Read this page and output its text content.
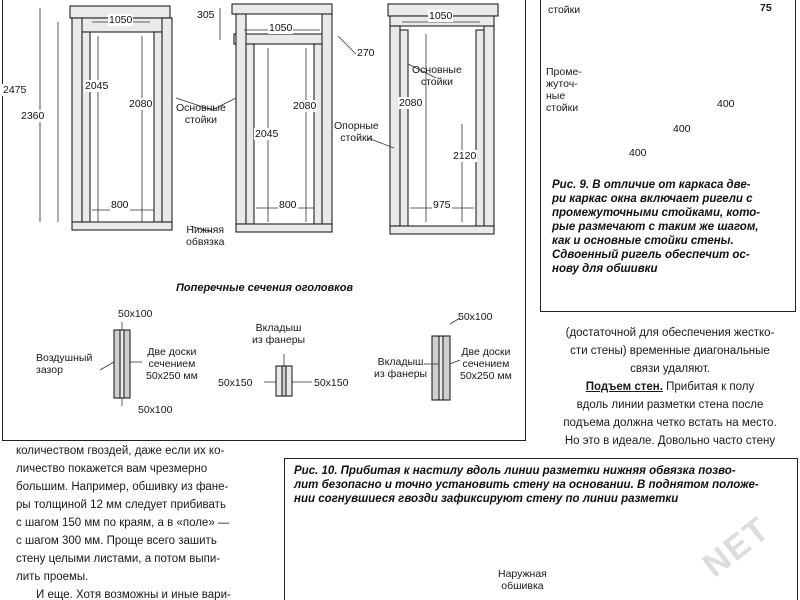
1050
2475
2360
2045
2080
800
305
1050
2045
2080
800
270
1050
2080
2120
975
Основные
стойки
Нижняя
обвязка
Опорные
стойки
Основные
стойки
Поперечные сечения оголовков
50x100
Воздушный
зазор
Две доски
сечением
50x250 мм
50x100
Вкладыш
из фанеры
50x150	50x150
50x100
Вкладыш
из фанеры
Две доски
сечением
50x250 мм
стойки	75
Проме-
жуточ-
ные
стойки	400
400
400
Рис. 9. В отличие от каркаса две-
ри каркас окна включает ригели с
промежуточными стойками, кото-
рые размечают с таким же шагом,
как и основные стойки стены.
Сдвоенный ригель обеспечит ос-
нову для обшивки
(достаточной для обеспечения жестко-
сти стены) временные диагональные
связи удаляют.
Подъем стен. Прибитая к полу
вдоль линии разметки стена после
подъема должна четко встать на место.
Но это в идеале. Довольно часто стену
количеством гвоздей, даже если их ко-
личество покажется вам чрезмерно
большим. Например, обшивку из фане-
ры толщиной 12 мм следует прибивать
с шагом 150 мм по краям, а в «поле» —
с шагом 300 мм. Проще всего зашить
стену целыми листами, а потом выпи-
лить проемы.
И еще. Хотя возможны и иные вари-
Рис. 10. Прибитая к настилу вдоль линии разметки нижняя обвязка позво-
лит безопасно и точно установить стену на основании. В поднятом положе-
нии согнувшиеся гвозди зафиксируют стену по линии разметки
Наружная
обшивка
NET
